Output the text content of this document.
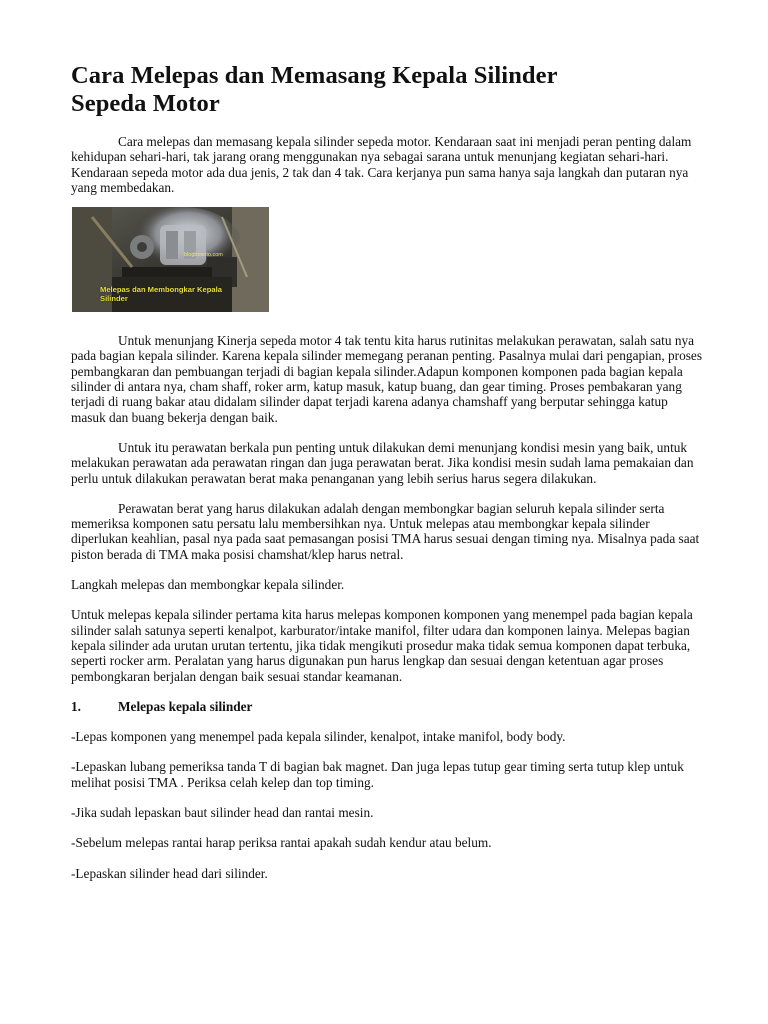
Cara Melepas dan Memasang Kepala Silinder
Sepeda Motor

Cara melepas dan memasang kepala silinder sepeda motor. Kendaraan saat ini menjadi peran penting dalam kehidupan sehari-hari, tak jarang orang menggunakan nya sebagai sarana untuk menunjang kegiatan sehari-hari. Kendaraan sepeda motor ada dua jenis, 2 tak dan 4 tak. Cara kerjanya pun sama hanya saja langkah dan putaran nya yang membedakan.

blogbosoto.com
Melepas dan Membongkar Kepala Silinder

Untuk menunjang Kinerja sepeda motor 4 tak tentu kita harus rutinitas melakukan perawatan, salah satu nya pada bagian kepala silinder. Karena kepala silinder memegang peranan penting. Pasalnya mulai dari pengapian, proses pembangkaran dan pembuangan terjadi di bagian kepala silinder.Adapun komponen komponen pada bagian kepala silinder di antara nya, cham shaff, roker arm, katup masuk, katup buang, dan gear timing. Proses pembakaran yang terjadi di ruang bakar atau didalam silinder dapat terjadi karena adanya chamshaff yang berputar sehingga katup masuk dan buang bekerja dengan baik.

Untuk itu perawatan berkala pun penting untuk dilakukan demi menunjang kondisi mesin yang baik, untuk melakukan perawatan ada perawatan ringan dan juga perawatan berat. Jika kondisi mesin sudah lama pemakaian dan perlu untuk dilakukan perawatan berat maka penanganan yang lebih serius harus segera dilakukan.

Perawatan berat yang harus dilakukan adalah dengan membongkar bagian seluruh kepala silinder serta memeriksa komponen satu persatu lalu membersihkan nya. Untuk melepas atau membongkar kepala silinder diperlukan keahlian, pasal nya pada saat pemasangan posisi TMA harus sesuai dengan timing nya. Misalnya pada saat piston berada di TMA maka posisi chamshat/klep harus netral.

Langkah melepas dan membongkar kepala silinder.

Untuk melepas kepala silinder pertama kita harus melepas komponen komponen yang menempel pada bagian kepala silinder salah satunya seperti kenalpot, karburator/intake manifol, filter udara dan komponen lainya. Melepas bagian kepala silinder ada urutan urutan tertentu, jika tidak mengikuti prosedur maka tidak semua komponen dapat terbuka, seperti rocker arm. Peralatan yang harus digunakan pun harus lengkap dan sesuai dengan ketentuan agar proses pembongkaran berjalan dengan baik sesuai standar keamanan.

1.	Melepas kepala silinder

-Lepas komponen yang menempel pada kepala silinder, kenalpot, intake manifol, body body.

-Lepaskan lubang pemeriksa tanda T di bagian bak magnet. Dan juga lepas tutup gear timing serta tutup klep untuk melihat posisi TMA . Periksa celah kelep dan top timing.

-Jika sudah lepaskan baut silinder head dan rantai mesin.

-Sebelum melepas rantai harap periksa rantai apakah sudah kendur atau belum.

-Lepaskan silinder head dari silinder.
